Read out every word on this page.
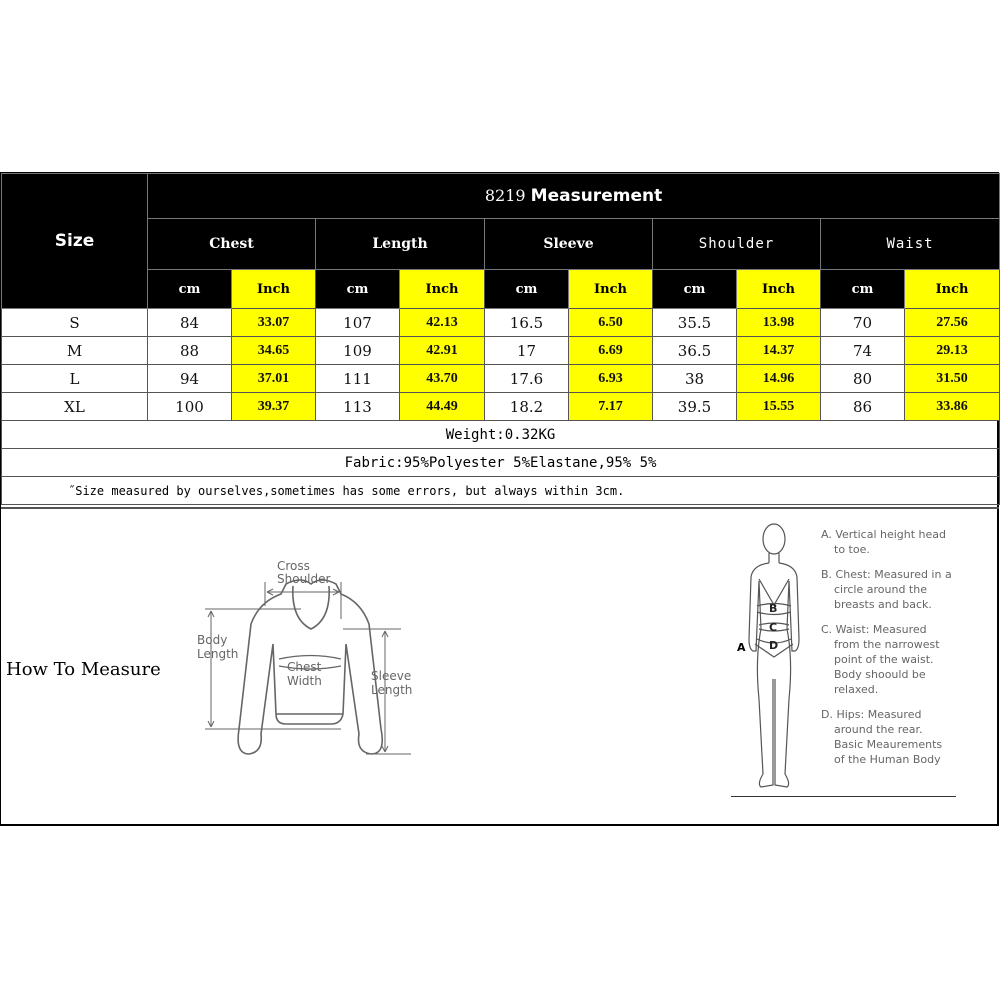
Size	8219 Measurement									
	Chest		Length		Sleeve		Shoulder		Waist	
	cm	Inch	cm	Inch	cm	Inch	cm	Inch	cm	Inch
S	84	33.07	107	42.13	16.5	6.50	35.5	13.98	70	27.56
M	88	34.65	109	42.91	17	6.69	36.5	14.37	74	29.13
L	94	37.01	111	43.70	17.6	6.93	38	14.96	80	31.50
XL	100	39.37	113	44.49	18.2	7.17	39.5	15.55	86	33.86
Weight:0.32KG										
Fabric:95%Polyester 5%Elastane,95% 5%										
˝Size measured by ourselves,sometimes has some errors, but always within 3cm.										
How To Measure
Cross
Shoulder
Body
Length
Chest
Width	Sleeve
Length
B
C
D
A

A. Vertical height head
to toe.

B. Chest: Measured in a
circle around the
breasts and back.

C. Waist: Measured
from the narrowest
point of the waist.
Body shoould be
relaxed.

D. Hips: Measured
around the rear.
Basic Meaurements
of the Human Body
